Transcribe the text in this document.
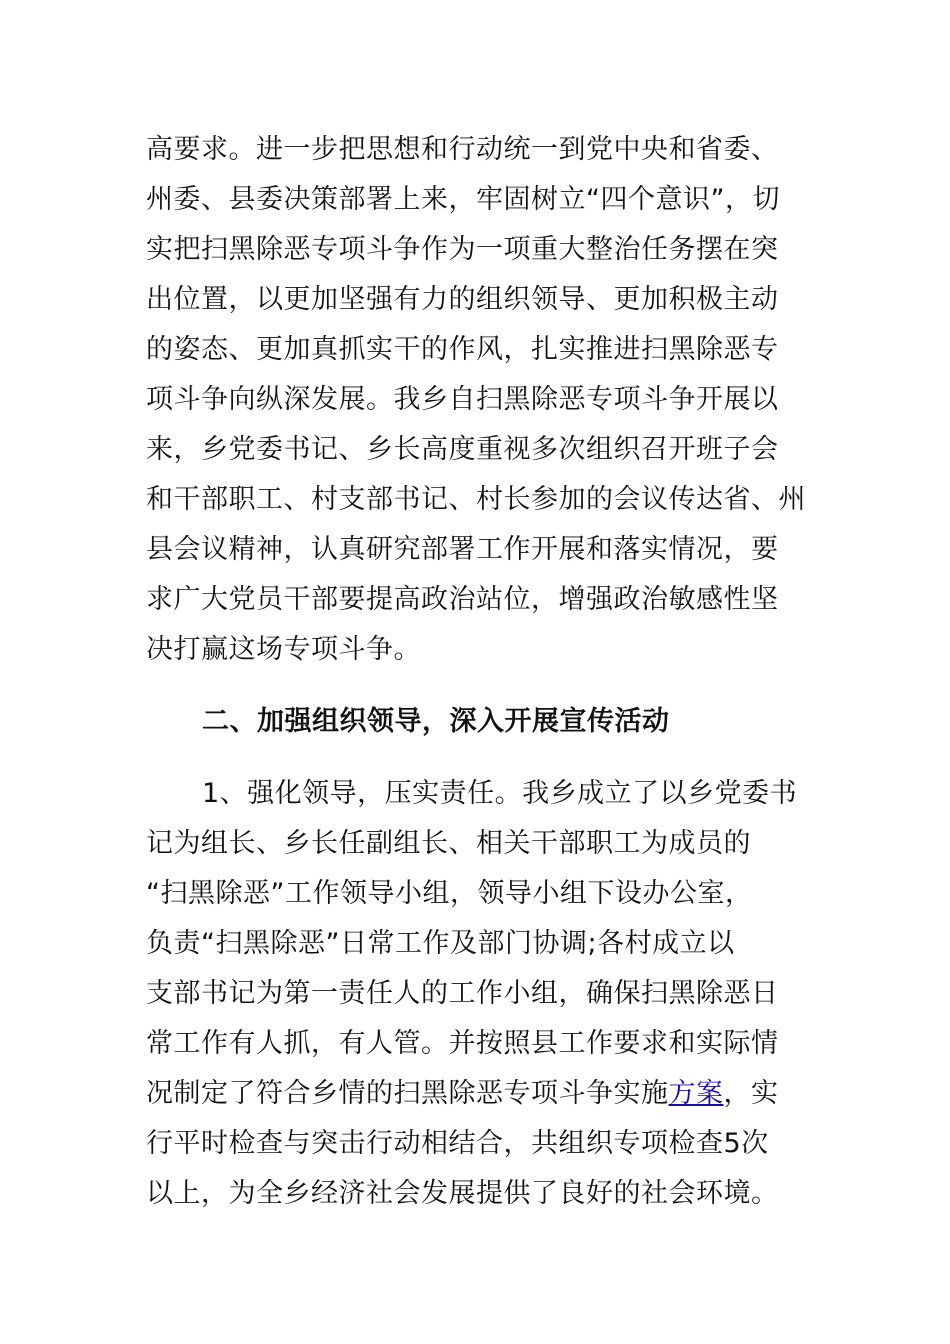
高要求。进一步把思想和行动统一到党中央和省委、
州委、县委决策部署上来，牢固树立“四个意识”，切
实把扫黑除恶专项斗争作为一项重大整治任务摆在突
出位置，以更加坚强有力的组织领导、更加积极主动
的姿态、更加真抓实干的作风，扎实推进扫黑除恶专
项斗争向纵深发展。我乡自扫黑除恶专项斗争开展以
来，乡党委书记、乡长高度重视多次组织召开班子会
和干部职工、村支部书记、村长参加的会议传达省、州
县会议精神，认真研究部署工作开展和落实情况，要
求广大党员干部要提高政治站位，增强政治敏感性坚
决打赢这场专项斗争。
二、加强组织领导，深入开展宣传活动
1、强化领导，压实责任。我乡成立了以乡党委书
记为组长、乡长任副组长、相关干部职工为成员的
“扫黑除恶”工作领导小组，领导小组下设办公室，
负责“扫黑除恶”日常工作及部门协调;各村成立以
支部书记为第一责任人的工作小组，确保扫黑除恶日
常工作有人抓，有人管。并按照县工作要求和实际情
况制定了符合乡情的扫黑除恶专项斗争实施方案，实
行平时检查与突击行动相结合，共组织专项检查5次
以上，为全乡经济社会发展提供了良好的社会环境。
